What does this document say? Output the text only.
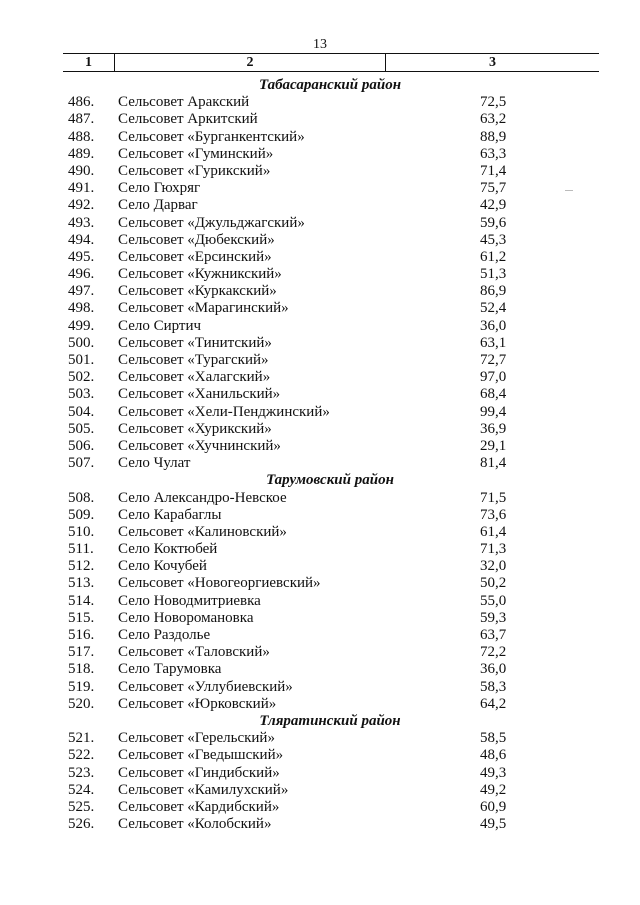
13
1	2	3
Табасаранский район
486.	Сельсовет Аракский	72,5
487.	Сельсовет Аркитский	63,2
488.	Сельсовет «Бурганкентский»	88,9
489.	Сельсовет «Гуминский»	63,3
490.	Сельсовет «Гурикский»	71,4
491.	Село Гюхряг	75,7
492.	Село Дарваг	42,9
493.	Сельсовет «Джульджагский»	59,6
494.	Сельсовет «Дюбекский»	45,3
495.	Сельсовет «Ерсинский»	61,2
496.	Сельсовет «Кужникский»	51,3
497.	Сельсовет «Куркакский»	86,9
498.	Сельсовет «Марагинский»	52,4
499.	Село Сиртич	36,0
500.	Сельсовет «Тинитский»	63,1
501.	Сельсовет «Турагский»	72,7
502.	Сельсовет «Халагский»	97,0
503.	Сельсовет «Ханильский»	68,4
504.	Сельсовет «Хели-Пенджинский»	99,4
505.	Сельсовет «Хурикский»	36,9
506.	Сельсовет «Хучнинский»	29,1
507.	Село Чулат	81,4
Тарумовский район
508.	Село Александро-Невское	71,5
509.	Село Карабаглы	73,6
510.	Сельсовет «Калиновский»	61,4
511.	Село Коктюбей	71,3
512.	Село Кочубей	32,0
513.	Сельсовет «Новогеоргиевский»	50,2
514.	Село Новодмитриевка	55,0
515.	Село Новоромановка	59,3
516.	Село Раздолье	63,7
517.	Сельсовет «Таловский»	72,2
518.	Село Тарумовка	36,0
519.	Сельсовет «Уллубиевский»	58,3
520.	Сельсовет «Юрковский»	64,2
Тляратинский район
521.	Сельсовет «Герельский»	58,5
522.	Сельсовет «Гведышский»	48,6
523.	Сельсовет «Гиндибский»	49,3
524.	Сельсовет «Камилухский»	49,2
525.	Сельсовет «Кардибский»	60,9
526.	Сельсовет «Колобский»	49,5
